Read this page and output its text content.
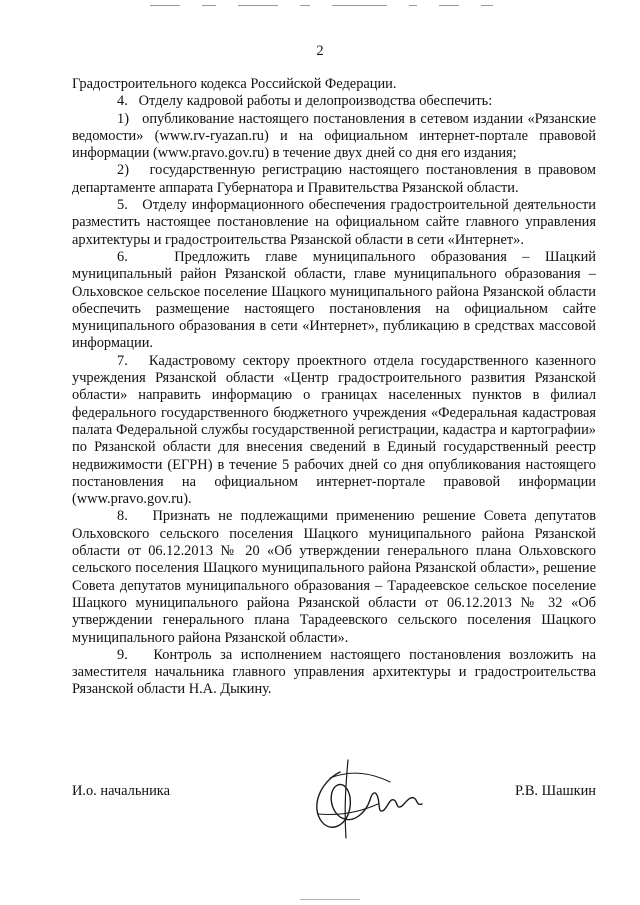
2

Градостроительного кодекса Российской Федерации.

4.   Отделу кадровой работы и делопроизводства обеспечить:

1)   опубликование настоящего постановления в сетевом издании «Рязанские ведомости» (www.rv-ryazan.ru) и на официальном интернет-портале правовой информации (www.pravo.gov.ru) в течение двух дней со дня его издания;

2)   государственную регистрацию настоящего постановления в правовом департаменте аппарата Губернатора и Правительства Рязанской области.

5.   Отделу информационного обеспечения градостроительной деятельности разместить настоящее постановление на официальном сайте главного управления архитектуры и градостроительства Рязанской области в сети «Интернет».

6.   Предложить главе муниципального образования – Шацкий муниципальный район Рязанской области, главе муниципального образования – Ольховское сельское поселение Шацкого муниципального района Рязанской области обеспечить размещение настоящего постановления на официальном сайте муниципального образования в сети «Интернет», публикацию в средствах массовой информации.

7.   Кадастровому сектору проектного отдела государственного казенного учреждения Рязанской области «Центр градостроительного развития Рязанской области» направить информацию о границах населенных пунктов в филиал федерального государственного бюджетного учреждения «Федеральная кадастровая палата Федеральной службы государственной регистрации, кадастра и картографии» по Рязанской области для внесения сведений в Единый государственный реестр недвижимости (ЕГРН) в течение 5 рабочих дней со дня опубликования настоящего постановления на официальном интернет-портале правовой информации (www.pravo.gov.ru).

8.   Признать не подлежащими применению решение Совета депутатов Ольховского сельского поселения Шацкого муниципального района Рязанской области от 06.12.2013 № 20 «Об утверждении генерального плана Ольховского сельского поселения Шацкого муниципального района Рязанской области», решение Совета депутатов муниципального образования – Тарадеевское сельское поселение Шацкого муниципального района Рязанской области от 06.12.2013 № 32 «Об утверждении генерального плана Тарадеевского сельского поселения Шацкого муниципального района Рязанской области».

9.   Контроль за исполнением настоящего постановления возложить на заместителя начальника главного управления архитектуры и градостроительства Рязанской области Н.А. Дыкину.

И.о. начальника	Р.В. Шашкин
